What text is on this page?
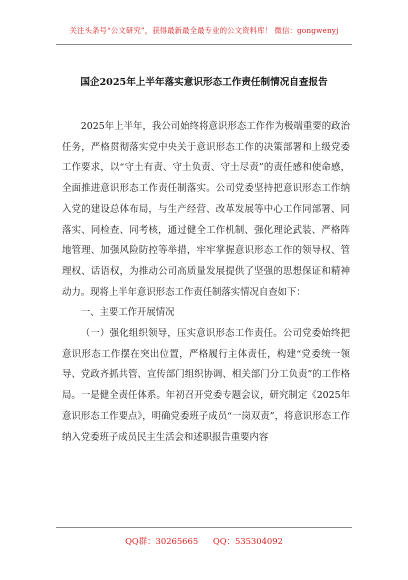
关注头条号“公文研究”，获得最新最全最专业的公文资料库！ 微信：gongwenyj
国企2025年上半年落实意识形态工作责任制情况自查报告

2025年上半年，我公司始终将意识形态工作作为极端重要的政治任务，严格贯彻落实党中央关于意识形态工作的决策部署和上级党委工作要求，以“守土有责、守土负责、守土尽责”的责任感和使命感，全面推进意识形态工作责任制落实。公司党委坚持把意识形态工作纳入党的建设总体布局，与生产经营、改革发展等中心工作同部署、同落实、同检查、同考核，通过健全工作机制、强化理论武装、严格阵地管理、加强风险防控等举措，牢牢掌握意识形态工作的领导权、管理权、话语权，为推动公司高质量发展提供了坚强的思想保证和精神动力。现将上半年意识形态工作责任制落实情况自查如下：

一、主要工作开展情况

（一）强化组织领导，压实意识形态工作责任。公司党委始终把意识形态工作摆在突出位置，严格履行主体责任，构建“党委统一领导、党政齐抓共管、宣传部门组织协调、相关部门分工负责”的工作格局。一是健全责任体系。年初召开党委专题会议，研究制定《2025年意识形态工作要点》，明确党委班子成员“一岗双责”，将意识形态工作纳入党委班子成员民主生活会和述职报告重要内容

QQ群：30265665 QQ：535304092
